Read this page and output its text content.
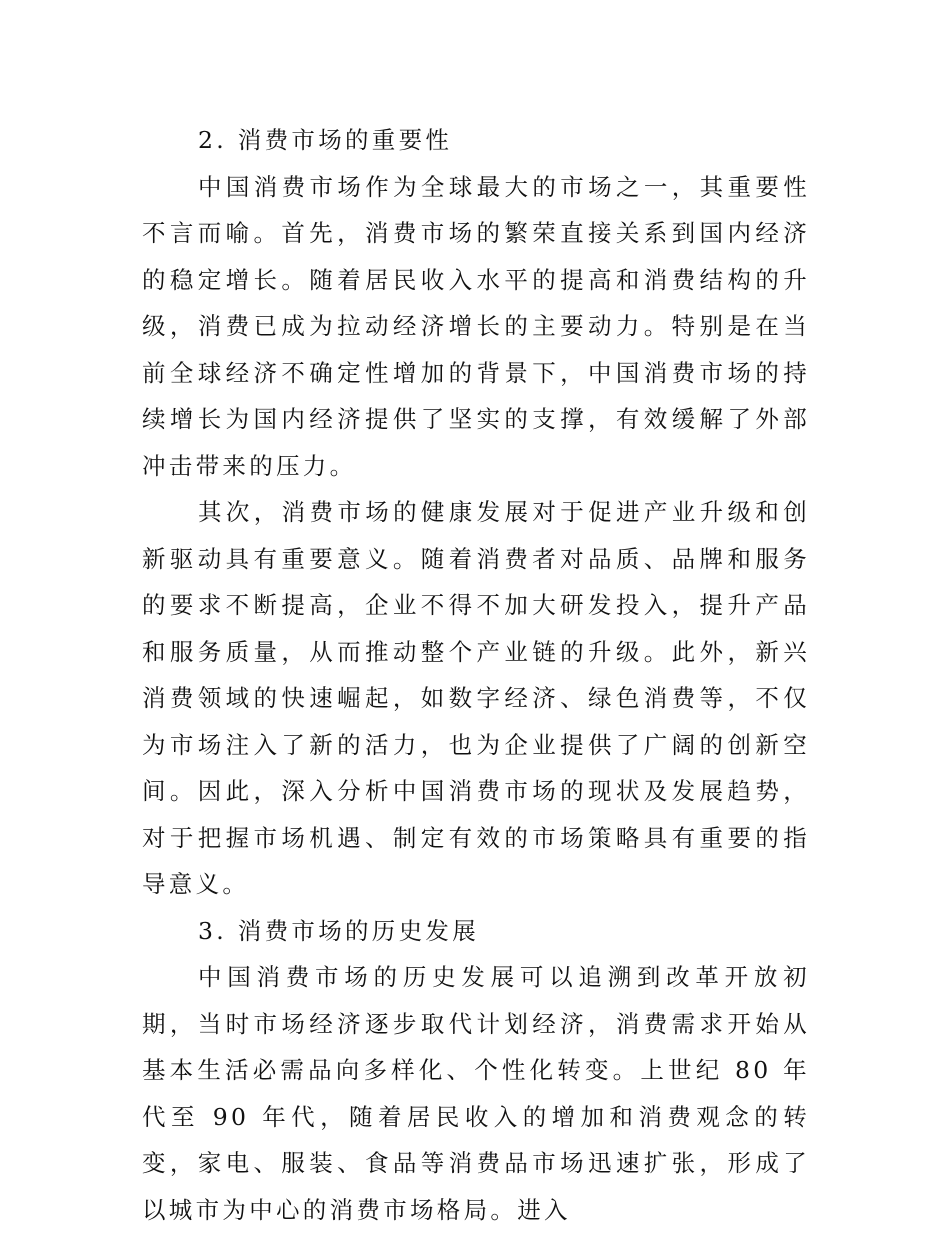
2. 消费市场的重要性

中国消费市场作为全球最大的市场之一，其重要性不言而喻。首先，消费市场的繁荣直接关系到国内经济的稳定增长。随着居民收入水平的提高和消费结构的升级，消费已成为拉动经济增长的主要动力。特别是在当前全球经济不确定性增加的背景下，中国消费市场的持续增长为国内经济提供了坚实的支撑，有效缓解了外部冲击带来的压力。

其次，消费市场的健康发展对于促进产业升级和创新驱动具有重要意义。随着消费者对品质、品牌和服务的要求不断提高，企业不得不加大研发投入，提升产品和服务质量，从而推动整个产业链的升级。此外，新兴消费领域的快速崛起，如数字经济、绿色消费等，不仅为市场注入了新的活力，也为企业提供了广阔的创新空间。因此，深入分析中国消费市场的现状及发展趋势，对于把握市场机遇、制定有效的市场策略具有重要的指导意义。

3. 消费市场的历史发展

中国消费市场的历史发展可以追溯到改革开放初期，当时市场经济逐步取代计划经济，消费需求开始从基本生活必需品向多样化、个性化转变。上世纪 80 年代至 90 年代，随着居民收入的增加和消费观念的转变，家电、服装、食品等消费品市场迅速扩张，形成了以城市为中心的消费市场格局。进入
